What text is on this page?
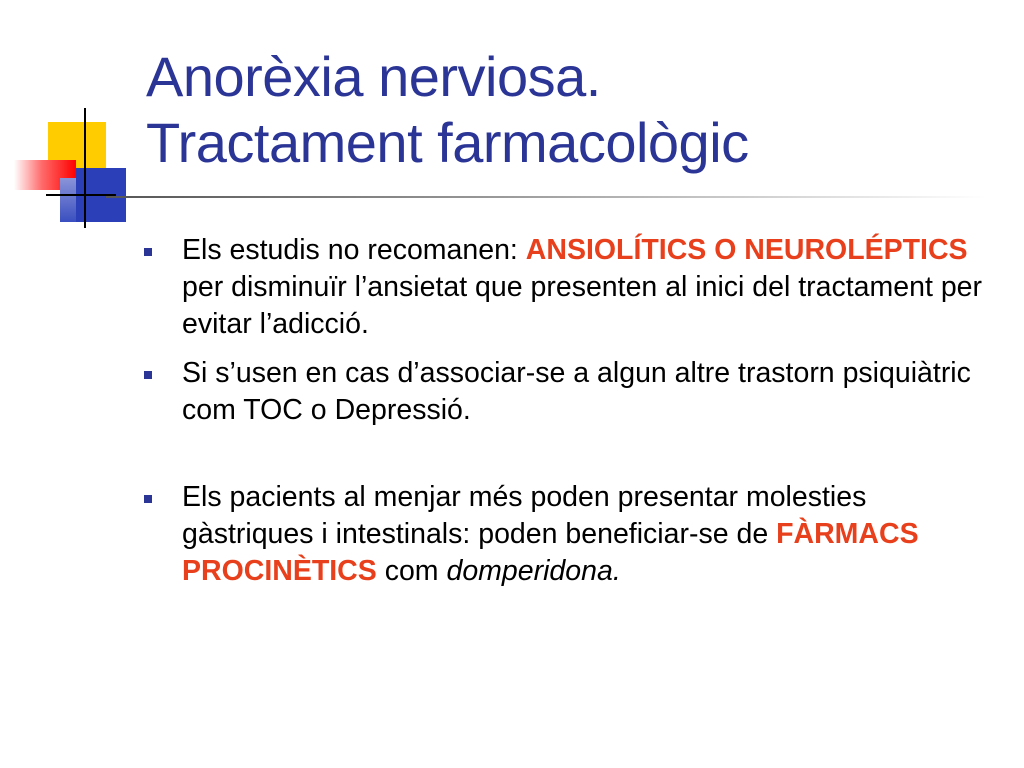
Anorèxia nerviosa.
Tractament farmacològic
Els estudis no recomanen: ANSIOLÍTICS O NEUROLÉPTICS per disminuïr l’ansietat que presenten al inici del tractament per evitar l’adicció.
Si s’usen en cas d’associar-se a algun altre trastorn psiquiàtric com TOC o Depressió.
Els pacients al menjar més poden presentar molesties gàstriques i intestinals: poden beneficiar-se de FÀRMACS PROCINÈTICS com domperidona.
